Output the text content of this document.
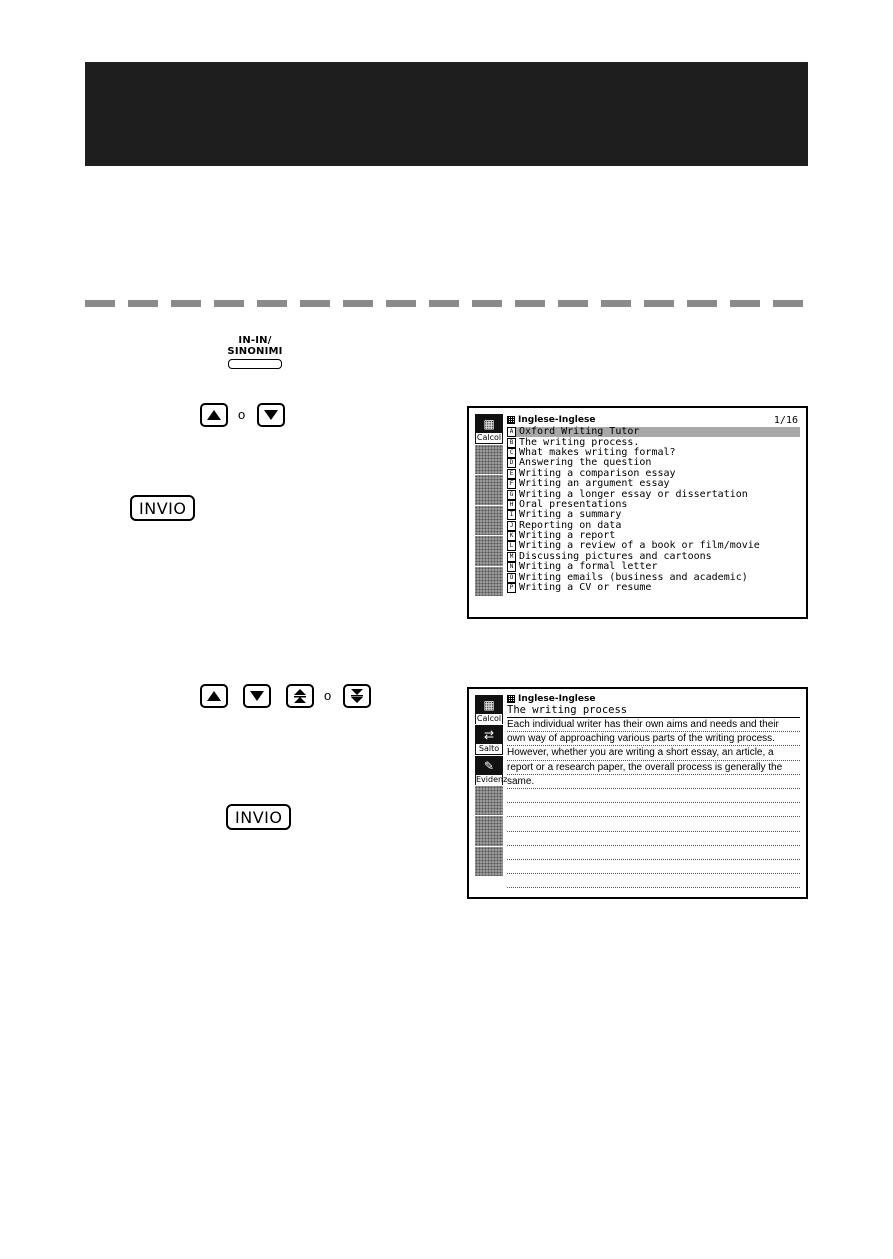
IN-IN/
SINONIMI
o
INVIO
▦
Calcol
Inglese-Inglese	1/16
A Oxford Writing Tutor
B The writing process.
C What makes writing formal?
D Answering the question
E Writing a comparison essay
F Writing an argument essay
G Writing a longer essay or dissertation
H Oral presentations
I Writing a summary
J Reporting on data
K Writing a report
L Writing a review of a book or film/movie
M Discussing pictures and cartoons
N Writing a formal letter
O Writing emails (business and academic)
P Writing a CV or resume
o
INVIO
▦
Calcol
⇄
Salto
✎
Evidenz
Inglese-Inglese
The writing process
Each individual writer has their own aims and needs and their
own way of approaching various parts of the writing process.
However, whether you are writing a short essay, an article, a
report or a research paper, the overall process is generally the
same.
